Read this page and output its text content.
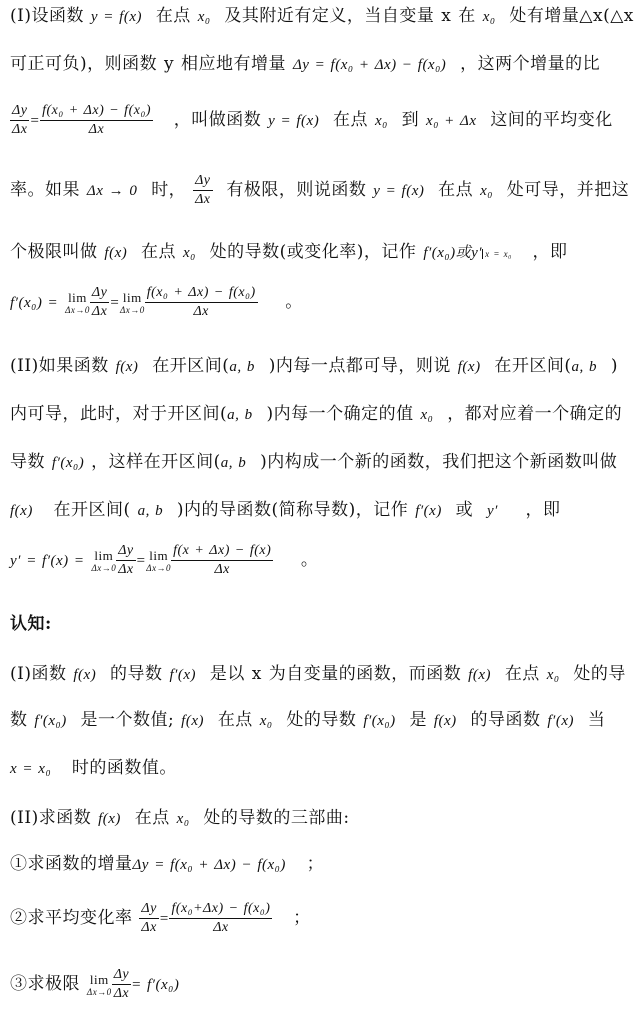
(I)设函数 y = f(x) 在点 x₀ 及其附近有定义，当自变量 x 在 x₀ 处有增量△x(△x
可正可负)，则函数 y 相应地有增量 Δy = f(x₀ + Δx) − f(x₀) ，这两个增量的比
$\frac{\Delta y}{\Delta x} = \frac{\text{f(x₀ + Δx) − f(x₀)}}{\Delta x}$ ，叫做函数 y = f(x) 在点 x₀ 到 x₀ + Δx 这间的平均变化
率。如果 Δx → 0 时， $\frac{\Delta y}{\Delta x}$ 有极限，则说函数 y = f(x) 在点 x₀ 处可导，并把这
个极限叫做 f(x) 在点 x₀ 处的导数(或变化率)，记作 f′(x₀)或y′ x = x₀ ，即
f′(x₀) = lim
$\Delta x\to 0 \frac{\Delta y}{\Delta x} = \lim$
$\Delta x\to 0 \frac{\text{f(x₀ + Δx) − f(x₀)}}{\Delta x}$ 。
(II)如果函数 f(x) 在开区间(a, b )内每一点都可导，则说 f(x) 在开区间(a, b )
内可导，此时，对于开区间(a, b )内每一个确定的值 x₀ ，都对应着一个确定的
导数 f′(x₀) ，这样在开区间(a, b )内构成一个新的函数，我们把这个新函数叫做
f(x) 在开区间( a, b )内的导函数(简称导数)，记作 f′(x) 或 y′ ，即
y′ = f′(x) = lim
$\Delta x\to 0 \frac{\Delta y}{\Delta x} = \lim$
$\Delta x\to 0 \frac{f(x + \Delta x) - f(x)}{\Delta x}$ 。
认知:
(I)函数 f(x) 的导数 f′(x) 是以 x 为自变量的函数，而函数 f(x) 在点 x₀ 处的导
数 f′(x₀) 是一个数值; f(x) 在点 x₀ 处的导数 f′(x₀) 是 f(x) 的导函数 f′(x) 当
x = x₀ 时的函数值。
(II)求函数 f(x) 在点 x₀ 处的导数的三部曲:
①求函数的增量Δy = f(x₀ + Δx) − f(x₀) ；
②求平均变化率 $\frac{\Delta y}{\Delta x} = \frac{\text{f(x₀+Δx) − f(x₀)}}{\Delta x}$ ；
③求极限 lim
$\Delta x\to 0 \frac{\Delta y}{\Delta x} = f'(x_0)$
